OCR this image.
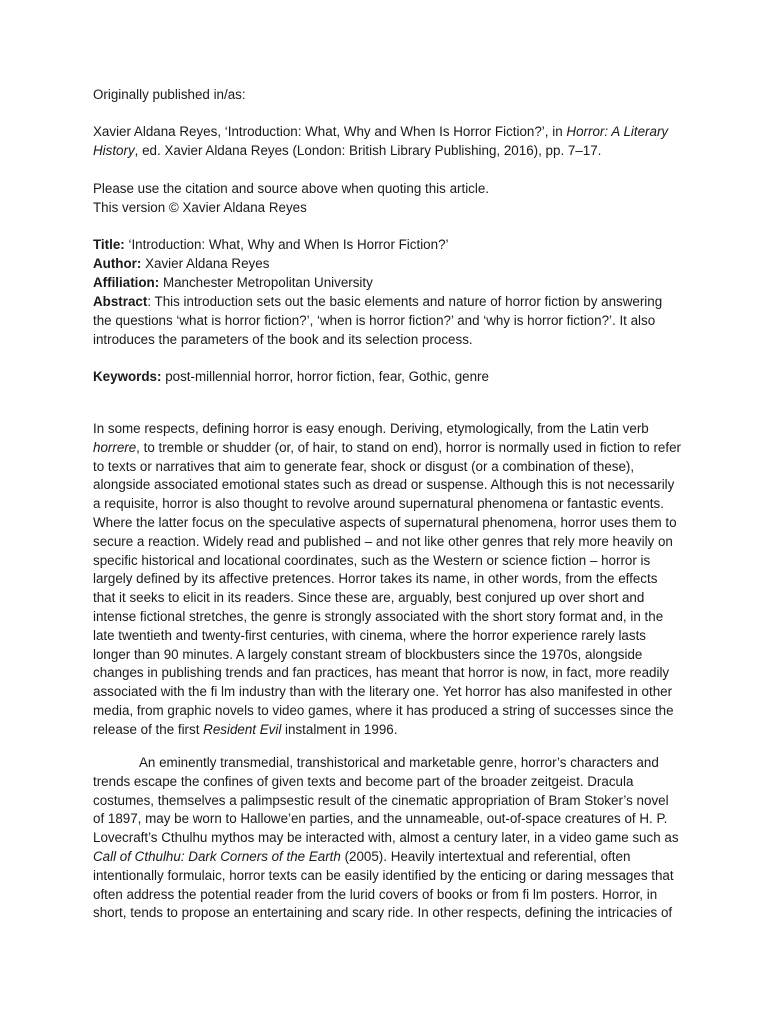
Originally published in/as:

Xavier Aldana Reyes, ‘Introduction: What, Why and When Is Horror Fiction?’, in Horror: A Literary History, ed. Xavier Aldana Reyes (London: British Library Publishing, 2016), pp. 7–17.

Please use the citation and source above when quoting this article.

This version © Xavier Aldana Reyes

Title: ‘Introduction: What, Why and When Is Horror Fiction?’

Author: Xavier Aldana Reyes

Affiliation: Manchester Metropolitan University

Abstract: This introduction sets out the basic elements and nature of horror fiction by answering the questions ‘what is horror fiction?’, ‘when is horror fiction?’ and ‘why is horror fiction?’. It also introduces the parameters of the book and its selection process.

Keywords: post-millennial horror, horror fiction, fear, Gothic, genre

In some respects, defining horror is easy enough. Deriving, etymologically, from the Latin verb horrere, to tremble or shudder (or, of hair, to stand on end), horror is normally used in fiction to refer to texts or narratives that aim to generate fear, shock or disgust (or a combination of these), alongside associated emotional states such as dread or suspense. Although this is not necessarily a requisite, horror is also thought to revolve around supernatural phenomena or fantastic events. Where the latter focus on the speculative aspects of supernatural phenomena, horror uses them to secure a reaction. Widely read and published – and not like other genres that rely more heavily on specific historical and locational coordinates, such as the Western or science fiction – horror is largely defined by its affective pretences. Horror takes its name, in other words, from the effects that it seeks to elicit in its readers. Since these are, arguably, best conjured up over short and intense fictional stretches, the genre is strongly associated with the short story format and, in the late twentieth and twenty-first centuries, with cinema, where the horror experience rarely lasts longer than 90 minutes. A largely constant stream of blockbusters since the 1970s, alongside changes in publishing trends and fan practices, has meant that horror is now, in fact, more readily associated with the fi lm industry than with the literary one. Yet horror has also manifested in other media, from graphic novels to video games, where it has produced a string of successes since the release of the first Resident Evil instalment in 1996.

An eminently transmedial, transhistorical and marketable genre, horror’s characters and trends escape the confines of given texts and become part of the broader zeitgeist. Dracula costumes, themselves a palimpsestic result of the cinematic appropriation of Bram Stoker’s novel of 1897, may be worn to Hallowe’en parties, and the unnameable, out-of-space creatures of H. P. Lovecraft’s Cthulhu mythos may be interacted with, almost a century later, in a video game such as Call of Cthulhu: Dark Corners of the Earth (2005). Heavily intertextual and referential, often intentionally formulaic, horror texts can be easily identified by the enticing or daring messages that often address the potential reader from the lurid covers of books or from fi lm posters. Horror, in short, tends to propose an entertaining and scary ride. In other respects, defining the intricacies of
